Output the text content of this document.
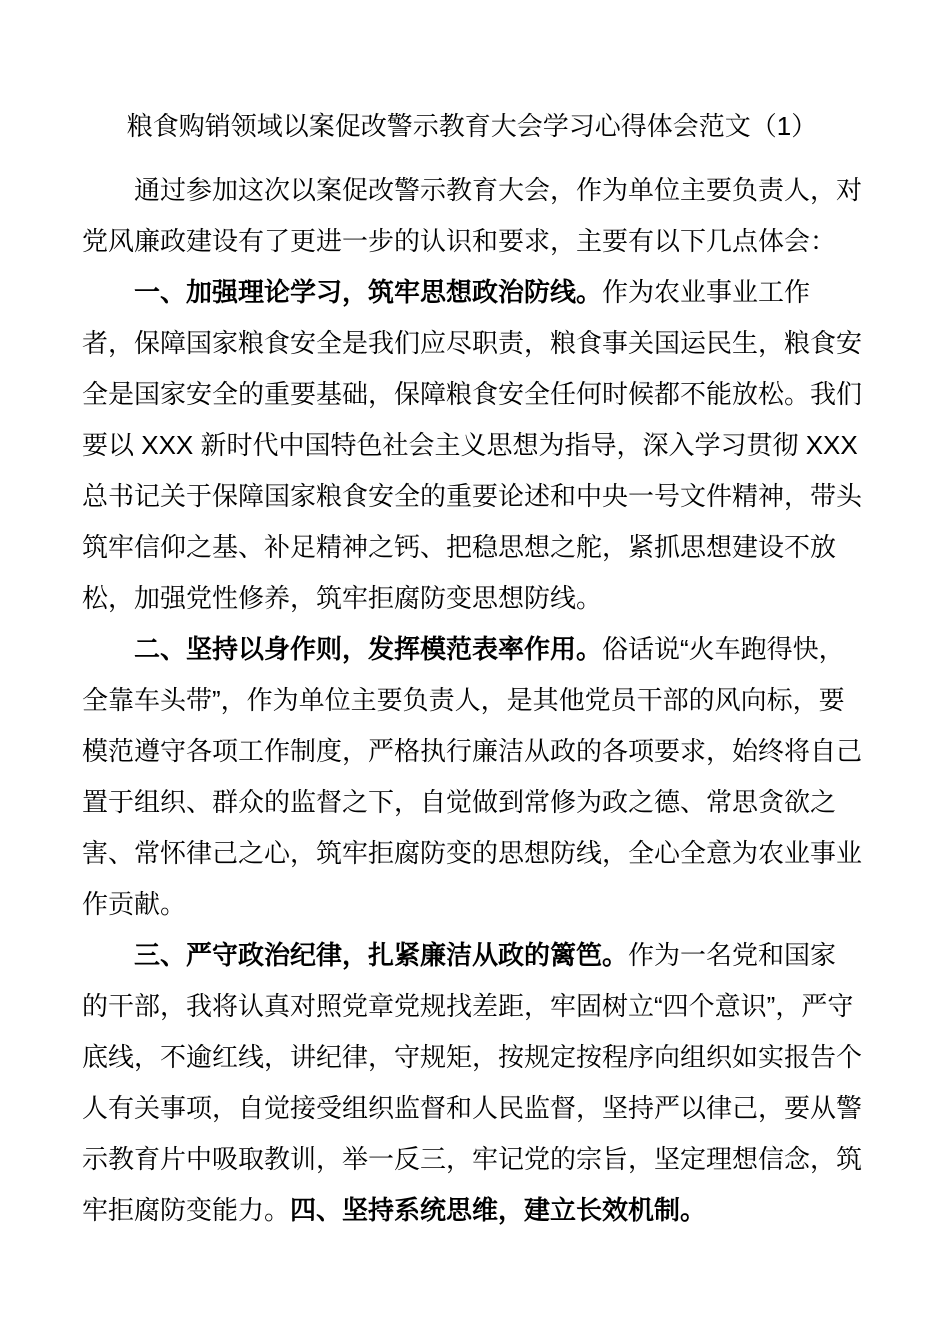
粮食购销领域以案促改警示教育大会学习心得体会范文（1）

通过参加这次以案促改警示教育大会，作为单位主要负责人，对党风廉政建设有了更进一步的认识和要求，主要有以下几点体会：

一、加强理论学习，筑牢思想政治防线。作为农业事业工作者，保障国家粮食安全是我们应尽职责，粮食事关国运民生，粮食安全是国家安全的重要基础，保障粮食安全任何时候都不能放松。我们要以 XXX 新时代中国特色社会主义思想为指导，深入学习贯彻 XXX 总书记关于保障国家粮食安全的重要论述和中央一号文件精神，带头筑牢信仰之基、补足精神之钙、把稳思想之舵，紧抓思想建设不放松，加强党性修养，筑牢拒腐防变思想防线。

二、坚持以身作则，发挥模范表率作用。俗话说“火车跑得快，全靠车头带”，作为单位主要负责人，是其他党员干部的风向标，要模范遵守各项工作制度，严格执行廉洁从政的各项要求，始终将自己置于组织、群众的监督之下，自觉做到常修为政之德、常思贪欲之害、常怀律己之心，筑牢拒腐防变的思想防线，全心全意为农业事业作贡献。

三、严守政治纪律，扎紧廉洁从政的篱笆。作为一名党和国家的干部，我将认真对照党章党规找差距，牢固树立“四个意识”，严守底线，不逾红线，讲纪律，守规矩，按规定按程序向组织如实报告个人有关事项，自觉接受组织监督和人民监督，坚持严以律己，要从警示教育片中吸取教训，举一反三，牢记党的宗旨，坚定理想信念，筑牢拒腐防变能力。四、坚持系统思维，建立长效机制。
